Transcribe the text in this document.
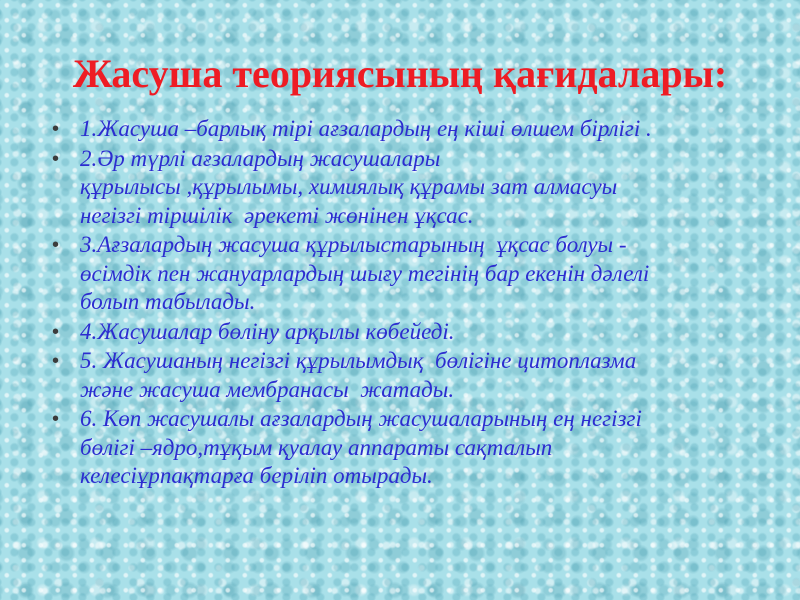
Жасуша теориясының қағидалары:
• 1.Жасуша –барлық тірі ағзалардың ең кіші өлшем бірлігі .
• 2.Әр түрлі ағзалардың жасушалары
құрылысы ,құрылымы, химиялық құрамы зат алмасуы
негізгі тіршілік  әрекеті жөнінен ұқсас.
• 3.Ағзалардың жасуша құрылыстарының  ұқсас болуы -
өсімдік пен жануарлардың шығу тегінің бар екенін дәлелі
болып табылады.
• 4.Жасушалар бөліну арқылы көбейеді.
• 5. Жасушаның негізгі құрылымдық  бөлігіне цитоплазма
және жасуша мембранасы  жатады.
• 6. Көп жасушалы ағзалардың жасушаларының ең негізгі
бөлігі –ядро,тұқым қуалау аппараты сақталып
келесіұрпақтарға беріліп отырады.
